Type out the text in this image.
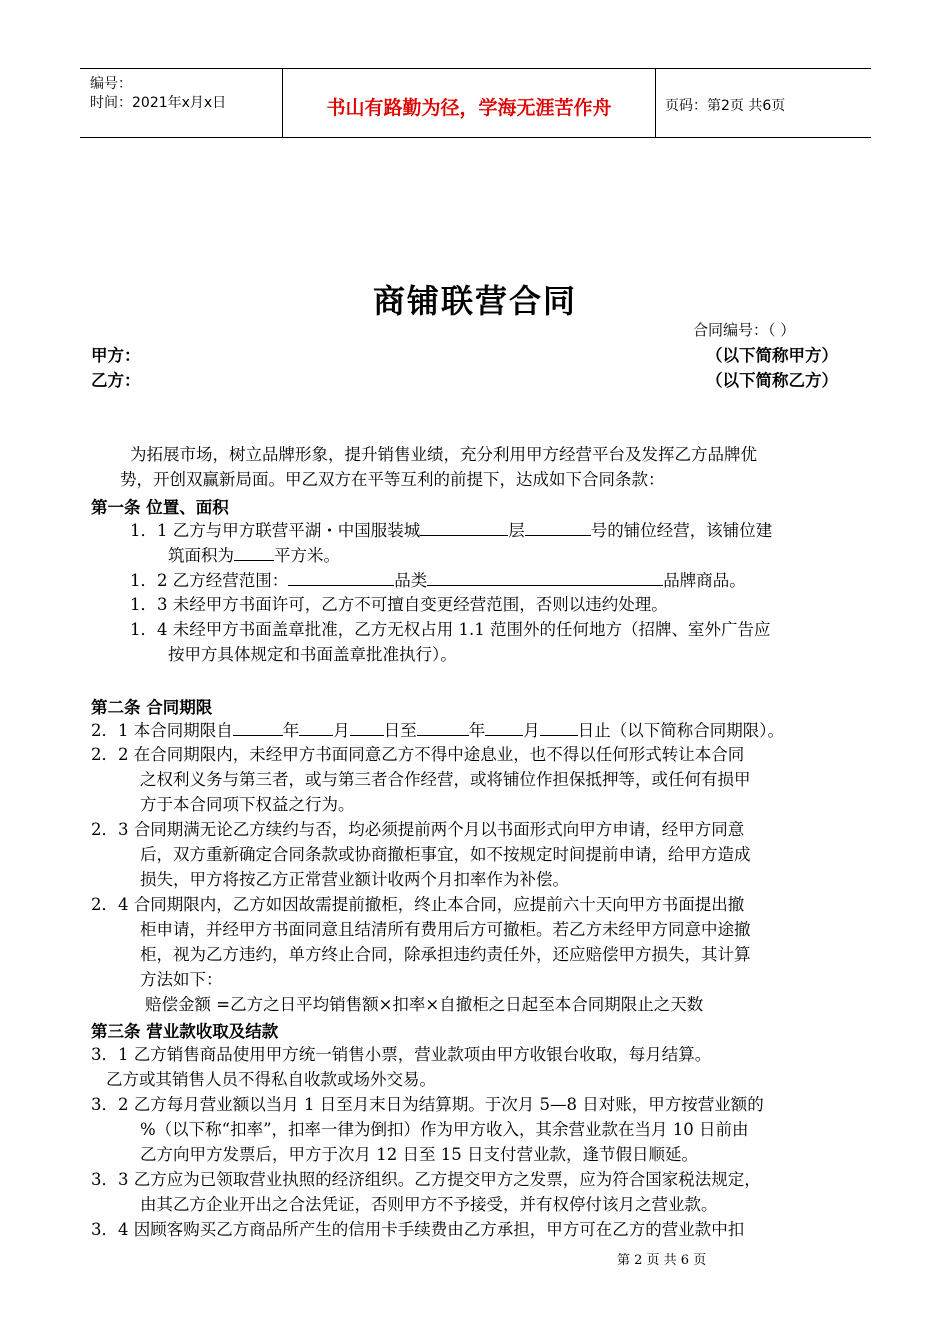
编号：
时间：2021年x月x日	书山有路勤为径，学海无涯苦作舟	页码：第2页 共6页
商铺联营合同
合同编号：（ ）
甲方：	（以下简称甲方）
乙方：	（以下简称乙方）
为拓展市场，树立品牌形象，提升销售业绩，充分利用甲方经营平台及发挥乙方品牌优
势，开创双赢新局面。甲乙双方在平等互利的前提下，达成如下合同条款：
第一条 位置、面积
1．1 乙方与甲方联营平湖・中国服装城	层	号的铺位经营，该铺位建
筑面积为 平方米。
1．2 乙方经营范围：	品类	品牌商品。
1．3 未经甲方书面许可，乙方不可擅自变更经营范围，否则以违约处理。
1．4 未经甲方书面盖章批准，乙方无权占用 1.1 范围外的任何地方（招牌、室外广告应
按甲方具体规定和书面盖章批准执行）。
第二条 合同期限
2．1 本合同期限自	年 月 日至	年 月 日止（以下简称合同期限）。
2．2 在合同期限内，未经甲方书面同意乙方不得中途息业，也不得以任何形式转让本合同
之权利义务与第三者，或与第三者合作经营，或将铺位作担保抵押等，或任何有损甲
方于本合同项下权益之行为。
2．3 合同期满无论乙方续约与否，均必须提前两个月以书面形式向甲方申请，经甲方同意
后，双方重新确定合同条款或协商撤柜事宜，如不按规定时间提前申请，给甲方造成
损失，甲方将按乙方正常营业额计收两个月扣率作为补偿。
2．4 合同期限内，乙方如因故需提前撤柜，终止本合同，应提前六十天向甲方书面提出撤
柜申请，并经甲方书面同意且结清所有费用后方可撤柜。若乙方未经甲方同意中途撤
柜，视为乙方违约，单方终止合同，除承担违约责任外，还应赔偿甲方损失，其计算
方法如下：
赔偿金额 =乙方之日平均销售额×扣率×自撤柜之日起至本合同期限止之天数
第三条 营业款收取及结款
3．1 乙方销售商品使用甲方统一销售小票，营业款项由甲方收银台收取，每月结算。
乙方或其销售人员不得私自收款或场外交易。
3．2 乙方每月营业额以当月 1 日至月末日为结算期。于次月 5—8 日对账，甲方按营业额的
%（以下称“扣率”，扣率一律为倒扣）作为甲方收入，其余营业款在当月 10 日前由
乙方向甲方发票后，甲方于次月 12 日至 15 日支付营业款，逢节假日顺延。
3．3 乙方应为已领取营业执照的经济组织。乙方提交甲方之发票，应为符合国家税法规定，
由其乙方企业开出之合法凭证，否则甲方不予接受，并有权停付该月之营业款。
3．4 因顾客购买乙方商品所产生的信用卡手续费由乙方承担，甲方可在乙方的营业款中扣
第 2 页 共 6 页
